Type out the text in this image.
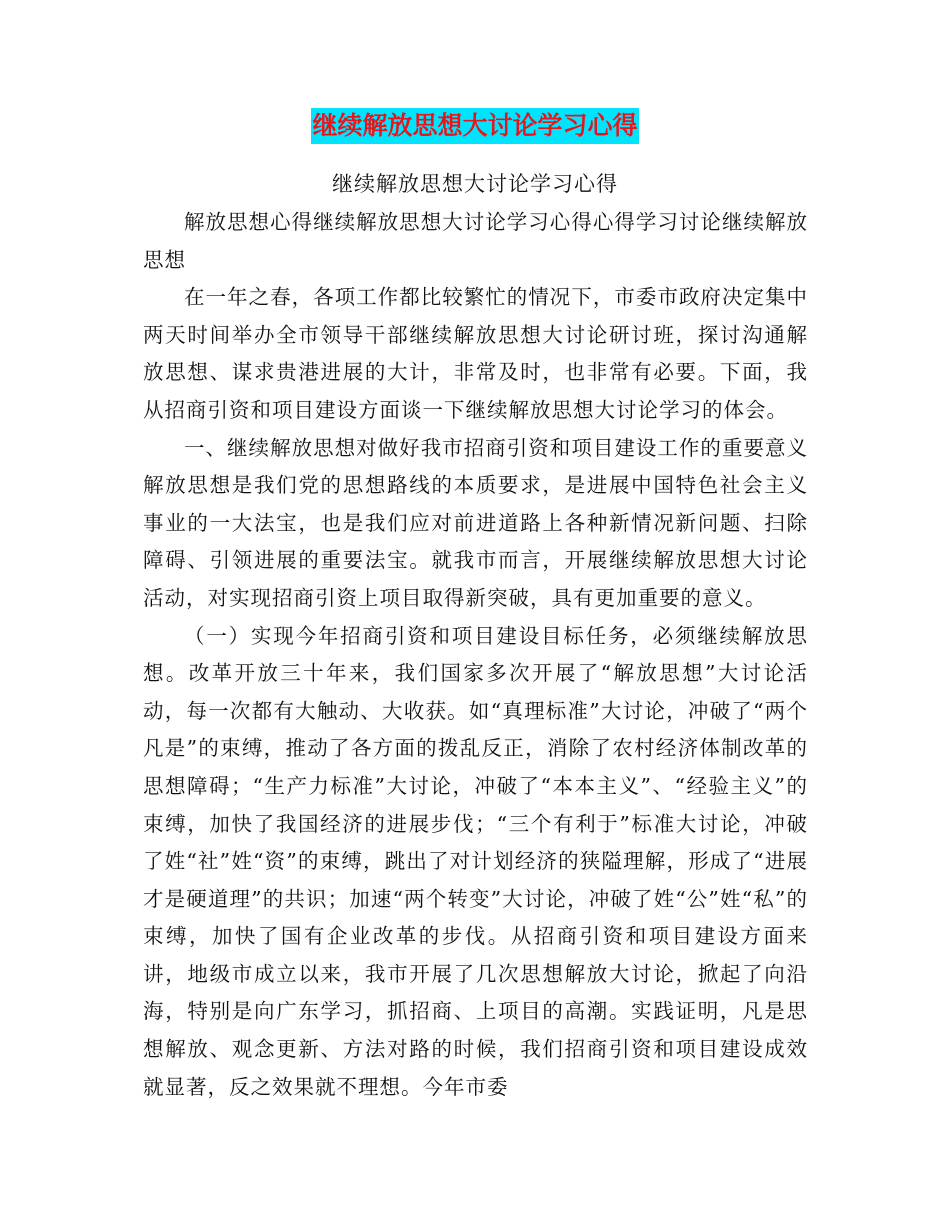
继续解放思想大讨论学习心得
继续解放思想大讨论学习心得

解放思想心得继续解放思想大讨论学习心得心得学习讨论继续解放思想

在一年之春，各项工作都比较繁忙的情况下，市委市政府决定集中两天时间举办全市领导干部继续解放思想大讨论研讨班，探讨沟通解放思想、谋求贵港进展的大计，非常及时，也非常有必要。下面，我从招商引资和项目建设方面谈一下继续解放思想大讨论学习的体会。

一、继续解放思想对做好我市招商引资和项目建设工作的重要意义解放思想是我们党的思想路线的本质要求，是进展中国特色社会主义事业的一大法宝，也是我们应对前进道路上各种新情况新问题、扫除障碍、引领进展的重要法宝。就我市而言，开展继续解放思想大讨论活动，对实现招商引资上项目取得新突破，具有更加重要的意义。

（一）实现今年招商引资和项目建设目标任务，必须继续解放思想。改革开放三十年来，我们国家多次开展了“解放思想”大讨论活动，每一次都有大触动、大收获。如“真理标准”大讨论，冲破了“两个凡是”的束缚，推动了各方面的拨乱反正，消除了农村经济体制改革的思想障碍；“生产力标准”大讨论，冲破了“本本主义”、“经验主义”的束缚，加快了我国经济的进展步伐；“三个有利于”标准大讨论，冲破了姓“社”姓“资”的束缚，跳出了对计划经济的狭隘理解，形成了“进展才是硬道理”的共识；加速“两个转变”大讨论，冲破了姓“公”姓“私”的束缚，加快了国有企业改革的步伐。从招商引资和项目建设方面来讲，地级市成立以来，我市开展了几次思想解放大讨论，掀起了向沿海，特别是向广东学习，抓招商、上项目的高潮。实践证明，凡是思想解放、观念更新、方法对路的时候，我们招商引资和项目建设成效就显著，反之效果就不理想。今年市委
